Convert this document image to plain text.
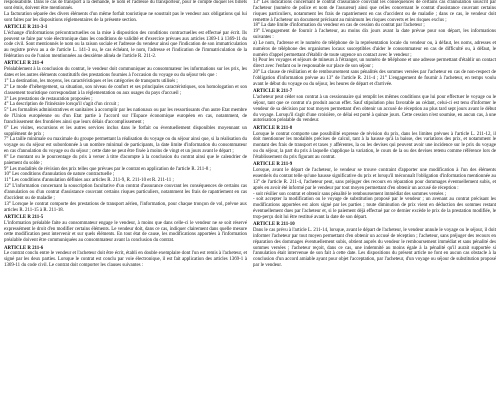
responsabilité. Dans le cas de transport à la demande, le nom et l'adresse du transporteur, pour le compte duquel les billets sont émis, doivent être mentionnés.

La facturation séparée des divers éléments d'un même forfait touristique ne soustrait pas le vendeur aux obligations qui lui sont faites par les dispositions réglementaires de la présente section.

ARTICLE R 211-3-1

L'échange d'informations précontractuelles ou la mise à disposition des conditions contractuelles est effectué par écrit. Ils peuvent se faire par voie électronique dans les conditions de validité et d'exercice prévues aux articles 1369-1 à 1369-11 du code civil. Sont mentionnés le nom ou la raison sociale et l'adresse du vendeur ainsi que l'indication de son immatriculation au registre prévu au a de l'article L. 141-3 ou, le cas échéant, le nom, l'adresse et l'indication de l'immatriculation de la fédération ou de l'union mentionnées au deuxième alinéa de l'article R. 211-2.

ARTICLE R 211-4

Préalablement à la conclusion du contrat, le vendeur doit communiquer au consommateur les informations sur les prix, les dates et les autres éléments constitutifs des prestations fournies à l'occasion du voyage ou du séjour tels que :

1° La destination, les moyens, les caractéristiques et les catégories de transports utilisés ;

2° Le mode d'hébergement, sa situation, son niveau de confort et ses principales caractéristiques, son homologation et son classement touristique correspondant à la réglementation ou aux usages du pays d'accueil ;

3° Les prestations de restauration proposées ;

4° La description de l'itinéraire lorsqu'il s'agit d'un circuit ;

5° Les formalités administratives et sanitaires à accomplir par les nationaux ou par les ressortissants d'un autre Etat membre de l'Union européenne ou d'un Etat partie à l'accord sur l'Espace économique européen en cas, notamment, de franchissement des frontières ainsi que leurs délais d'accomplissement ;

6° Les visites, excursions et les autres services inclus dans le forfait ou éventuellement disponibles moyennant un supplément de prix ;

7° La taille minimale ou maximale du groupe permettant la réalisation du voyage ou du séjour ainsi que, si la réalisation du voyage ou du séjour est subordonnée à un nombre minimal de participants, la date limite d'information du consommateur en cas d'annulation du voyage ou du séjour ; cette date ne peut être fixée à moins de vingt et un jours avant le départ ;

8° Le montant ou le pourcentage du prix à verser à titre d'acompte à la conclusion du contrat ainsi que le calendrier de paiement du solde ;

9° Les modalités de révision des prix telles que prévues par le contrat en application de l'article R. 211-8 ;

10° Les conditions d'annulation de nature contractuelle ;

11° Les conditions d'annulation définies aux articles R. 211-9, R. 211-10 et R. 211-11 ;

12° L'information concernant la souscription facultative d'un contrat d'assurance couvrant les conséquences de certains cas d'annulation ou d'un contrat d'assistance couvrant certains risques particuliers, notamment les frais de rapatriement en cas d'accident ou de maladie ;

13° Lorsque le contrat comporte des prestations de transport aérien, l'information, pour chaque tronçon de vol, prévue aux articles R. 211-15 à R. 211-18.

ARTICLE R 211-5

L'information préalable faite au consommateur engage le vendeur, à moins que dans celle-ci le vendeur ne se soit réservé expressément le droit d'en modifier certains éléments. Le vendeur doit, dans ce cas, indiquer clairement dans quelle mesure cette modification peut intervenir et sur quels éléments. En tout état de cause, les modifications apportées à l'information préalable doivent être communiquées au consommateur avant la conclusion du contrat.

ARTICLE R 211-6

Le contrat conclu entre le vendeur et l'acheteur doit être écrit, établi en double exemplaire dont l'un est remis à l'acheteur, et signé par les deux parties. Lorsque le contrat est conclu par voie électronique, il est fait application des articles 1369-1 à 1369-11 du code civil. Le contrat doit comporter les clauses suivantes :

13° Les indications concernant le contrat d'assurance couvrant les conséquences de certains cas d'annulation souscrit par l'acheteur (numéro de police et nom de l'assureur) ainsi que celles concernant le contrat d'assistance couvrant certains risques particuliers, notamment les frais de rapatriement en cas d'accident ou de maladie ; dans ce cas, le vendeur doit remettre à l'acheteur un document précisant au minimum les risques couverts et les risques exclus ;

18° La date limite d'information du vendeur en cas de cession du contrat par l'acheteur ;

19° L'engagement de fournir à l'acheteur, au moins dix jours avant la date prévue pour son départ, les informations suivantes :

a) Le nom, l'adresse et le numéro de téléphone de la représentation locale du vendeur ou, à défaut, les noms, adresses et numéros de téléphone des organismes locaux susceptibles d'aider le consommateur en cas de difficulté ou, à défaut, le numéro d'appel permettant d'établir de toute urgence un contact avec le vendeur ;

b) Pour les voyages et séjours de mineurs à l'étranger, un numéro de téléphone et une adresse permettant d'établir un contact direct avec l'enfant ou le responsable sur place de son séjour ;

20° La clause de résiliation et de remboursement sans pénalités des sommes versées par l'acheteur en cas de non-respect de l'obligation d'information prévue au 13° de l'article R. 211-4 ; 21° L'engagement de fournir à l'acheteur, en temps voulu avant le début du voyage ou du séjour, les heures de départ et d'arrivée.

ARTICLE R 211-7

L'acheteur peut céder son contrat à un cessionnaire qui remplit les mêmes conditions que lui pour effectuer le voyage ou le séjour, tant que ce contrat n'a produit aucun effet. Sauf stipulation plus favorable au cédant, celui-ci est tenu d'informer le vendeur de sa décision par tout moyen permettant d'en obtenir un accusé de réception au plus tard sept jours avant le début du voyage. Lorsqu'il s'agit d'une croisière, ce délai est porté à quinze jours. Cette cession n'est soumise, en aucun cas, à une autorisation préalable du vendeur.

ARTICLE R 211-8

Lorsque le contrat comporte une possibilité expresse de révision du prix, dans les limites prévues à l'article L. 211-12, il doit mentionner les modalités précises de calcul, tant à la hausse qu'à la baisse, des variations des prix, et notamment le montant des frais de transport et taxes y afférentes, la ou les devises qui peuvent avoir une incidence sur le prix du voyage ou du séjour, la part du prix à laquelle s'applique la variation, le cours de la ou des devises retenu comme référence lors de l'établissement du prix figurant au contrat.

ARTICLE R 211-9

Lorsque, avant le départ de l'acheteur, le vendeur se trouve contraint d'apporter une modification à l'un des éléments essentiels du contrat telle qu'une hausse significative du prix et lorsqu'il méconnaît l'obligation d'information mentionnée au 13° de l'article R. 211-4, l'acheteur peut, sans préjuger des recours en réparation pour dommages éventuellement subis, et après en avoir été informé par le vendeur par tout moyen permettant d'en obtenir un accusé de réception :

- soit résilier son contrat et obtenir sans pénalité le remboursement immédiat des sommes versées ;

- soit accepter la modification ou le voyage de substitution proposé par le vendeur ; un avenant au contrat précisant les modifications apportées est alors signé par les parties ; toute diminution de prix vient en déduction des sommes restant éventuellement dues par l'acheteur et, si le paiement déjà effectué par ce dernier excède le prix de la prestation modifiée, le trop-perçu doit lui être restitué avant la date de son départ.

ARTICLE R 211-10

Dans le cas prévu à l'article L. 211-14, lorsque, avant le départ de l'acheteur, le vendeur annule le voyage ou le séjour, il doit informer l'acheteur par tout moyen permettant d'en obtenir un accusé de réception ; l'acheteur, sans préjuger des recours en réparation des dommages éventuellement subis, obtient auprès du vendeur le remboursement immédiat et sans pénalité des sommes versées ; l'acheteur reçoit, dans ce cas, une indemnité au moins égale à la pénalité qu'il aurait supportée si l'annulation était intervenue de son fait à cette date. Les dispositions du présent article ne font en aucun cas obstacle à la conclusion d'un accord amiable ayant pour objet l'acceptation, par l'acheteur, d'un voyage ou séjour de substitution proposé par le vendeur.
